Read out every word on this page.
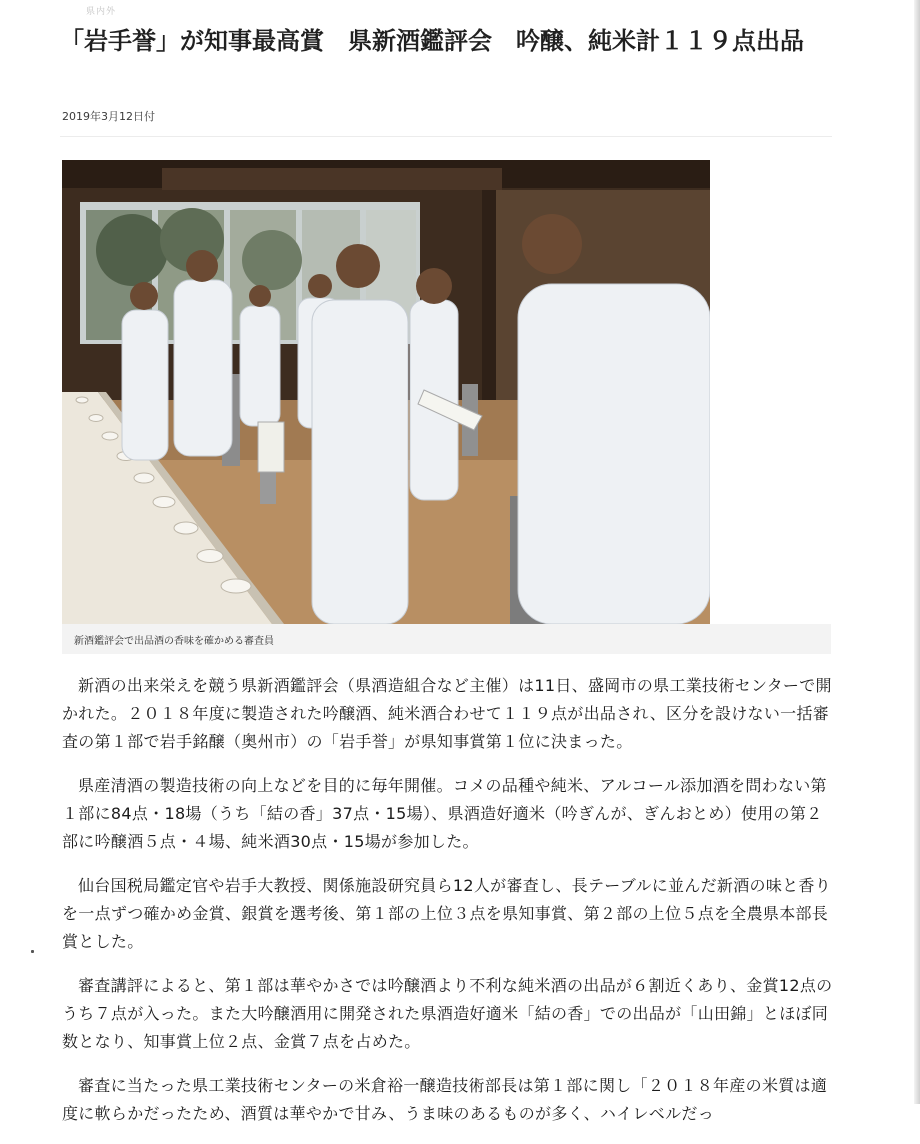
県内外
「岩手誉」が知事最高賞　県新酒鑑評会　吟醸、純米計１１９点出品
2019年3月12日付
新酒鑑評会で出品酒の香味を確かめる審査員

新酒の出来栄えを競う県新酒鑑評会（県酒造組合など主催）は11日、盛岡市の県工業技術センターで開かれた。２０１８年度に製造された吟醸酒、純米酒合わせて１１９点が出品され、区分を設けない一括審査の第１部で岩手銘醸（奥州市）の「岩手誉」が県知事賞第１位に決まった。

県産清酒の製造技術の向上などを目的に毎年開催。コメの品種や純米、アルコール添加酒を問わない第１部に84点・18場（うち「結の香」37点・15場）、県酒造好適米（吟ぎんが、ぎんおとめ）使用の第２部に吟醸酒５点・４場、純米酒30点・15場が参加した。

仙台国税局鑑定官や岩手大教授、関係施設研究員ら12人が審査し、長テーブルに並んだ新酒の味と香りを一点ずつ確かめ金賞、銀賞を選考後、第１部の上位３点を県知事賞、第２部の上位５点を全農県本部長賞とした。

審査講評によると、第１部は華やかさでは吟醸酒より不利な純米酒の出品が６割近くあり、金賞12点のうち７点が入った。また大吟醸酒用に開発された県酒造好適米「結の香」での出品が「山田錦」とほぼ同数となり、知事賞上位２点、金賞７点を占めた。

審査に当たった県工業技術センターの米倉裕一醸造技術部長は第１部に関し「２０１８年産の米質は適度に軟らかだったため、酒質は華やかで甘み、うま味のあるものが多く、ハイレベルだっ
